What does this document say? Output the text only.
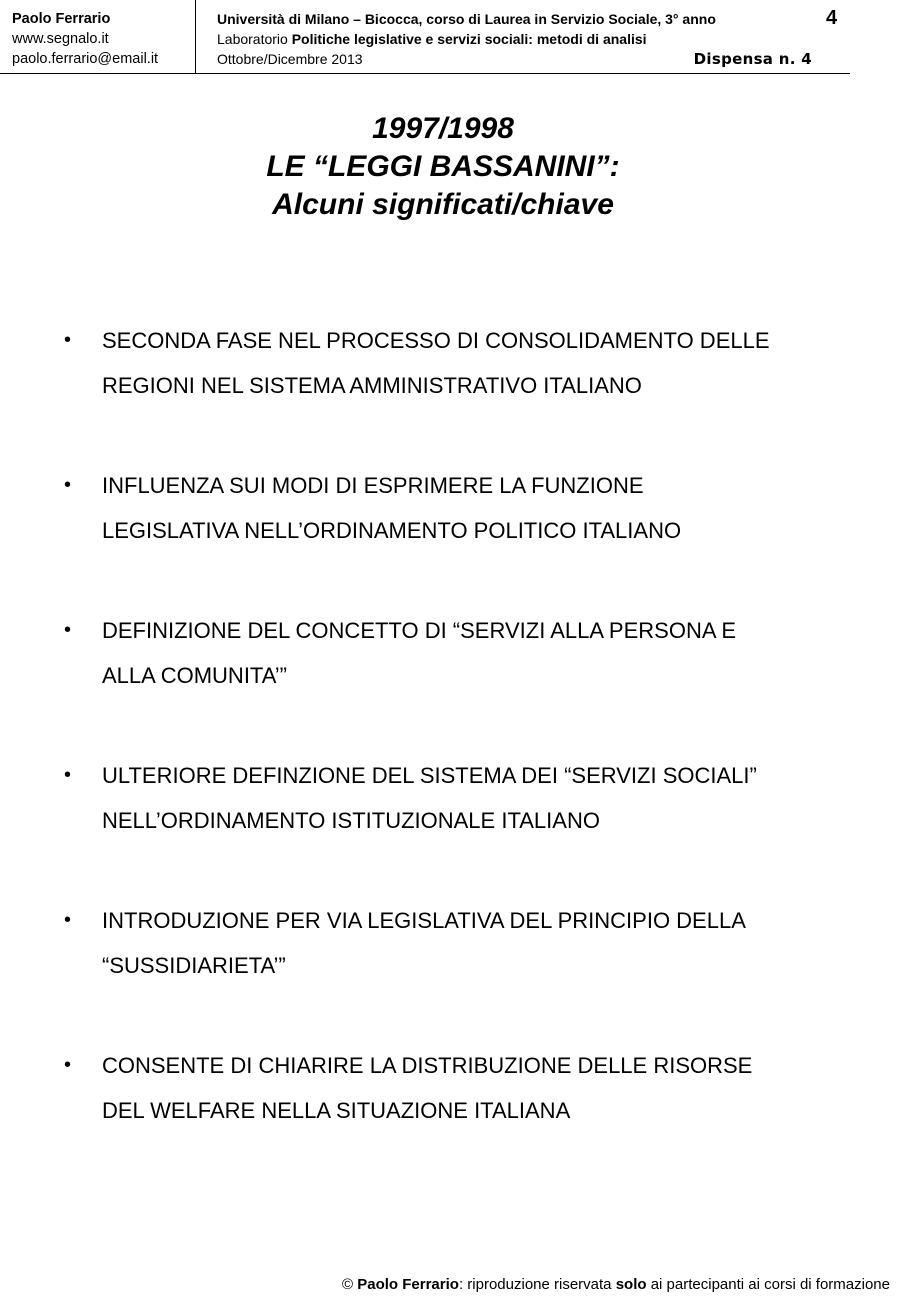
Paolo Ferrario
www.segnalo.it
paolo.ferrario@email.it
Università di Milano – Bicocca, corso di Laurea in Servizio Sociale, 3° anno
Laboratorio Politiche legislative e servizi sociali: metodi di analisi
Ottobre/Dicembre 2013
4
Dispensa n. 4
1997/1998
LE “LEGGI BASSANINI”:
Alcuni significati/chiave
• SECONDA FASE NEL PROCESSO DI CONSOLIDAMENTO DELLE
REGIONI NEL SISTEMA AMMINISTRATIVO ITALIANO
• INFLUENZA SUI MODI DI ESPRIMERE LA FUNZIONE
LEGISLATIVA NELL’ORDINAMENTO POLITICO ITALIANO
• DEFINIZIONE DEL CONCETTO DI “SERVIZI ALLA PERSONA E
ALLA COMUNITA’”
• ULTERIORE DEFINZIONE DEL SISTEMA DEI “SERVIZI SOCIALI”
NELL’ORDINAMENTO ISTITUZIONALE ITALIANO
• INTRODUZIONE PER VIA LEGISLATIVA DEL PRINCIPIO DELLA
“SUSSIDIARIETA’”
• CONSENTE DI CHIARIRE LA DISTRIBUZIONE DELLE RISORSE
DEL WELFARE NELLA SITUAZIONE ITALIANA
© Paolo Ferrario: riproduzione riservata solo ai partecipanti ai corsi di formazione
